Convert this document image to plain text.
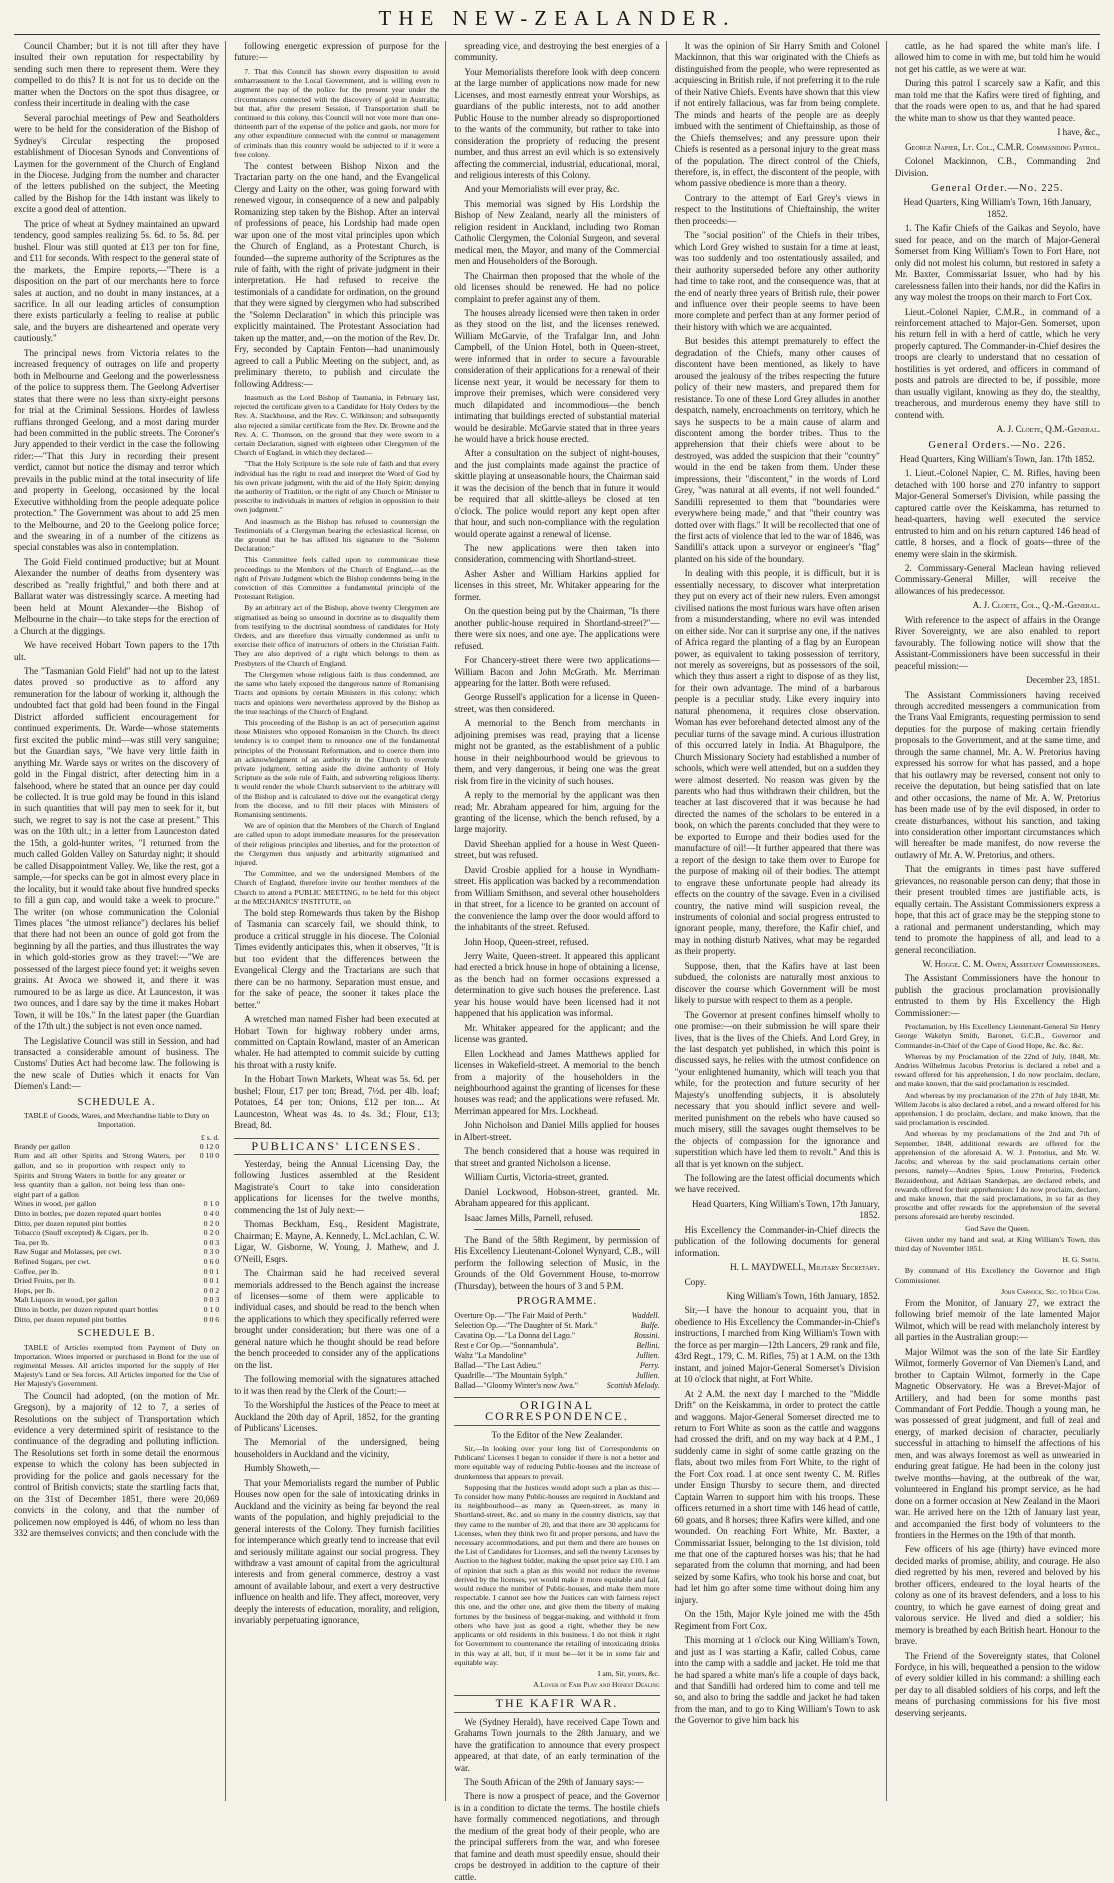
THE NEW-ZEALANDER.

Council Chamber; but it is not till after they have insulted their own reputation for respectability by sending such men there to represent them. Were they compelled to do this? It is not for us to decide on the matter when the Doctors on the spot thus disagree, or confess their incertitude in dealing with the case

Several parochial meetings of Pew and Seatholders were to be held for the consideration of the Bishop of Sydney's Circular respecting the proposed establishment of Diocesan Synods and Conventions of Laymen for the government of the Church of England in the Diocese. Judging from the number and character of the letters published on the subject, the Meeting called by the Bishop for the 14th instant was likely to excite a good deal of attention.

The price of wheat at Sydney maintained an upward tendency, good samples realizing 5s. 6d. to 5s. 8d. per bushel. Flour was still quoted at £13 per ton for fine, and £11 for seconds. With respect to the general state of the markets, the Empire reports,—"There is a disposition on the part of our merchants here to force sales at auction, and no doubt in many instances, at a sacrifice. In all our leading articles of consumption there exists particularly a feeling to realise at public sale, and the buyers are disheartened and operate very cautiously."

The principal news from Victoria relates to the increased frequency of outrages on life and property both in Melbourne and Geelong and the powerlessness of the police to suppress them. The Geelong Advertiser states that there were no less than sixty-eight persons for trial at the Criminal Sessions. Hordes of lawless ruffians thronged Geelong, and a most daring murder had been committed in the public streets. The Coroner's Jury appended to their verdict in the case the following rider:—"That this Jury in recording their present verdict, cannot but notice the dismay and terror which prevails in the public mind at the total insecurity of life and property in Geelong, occasioned by the local Executive withholding from the people adequate police protection." The Government was about to add 25 men to the Melbourne, and 20 to the Geelong police force; and the swearing in of a number of the citizens as special constables was also in contemplation.

The Gold Field continued productive; but at Mount Alexander the number of deaths from dysentery was described as "really frightful," and both there and at Ballarat water was distressingly scarce. A meeting had been held at Mount Alexander—the Bishop of Melbourne in the chair—to take steps for the erection of a Church at the diggings.

We have received Hobart Town papers to the 17th ult.

The "Tasmanian Gold Field" had not up to the latest dates proved so productive as to afford any remuneration for the labour of working it, although the undoubted fact that gold had been found in the Fingal District afforded sufficient encouragement for continued experiments. Dr. Warde—whose statements first excited the public mind—was still very sanguine; but the Guardian says, "We have very little faith in anything Mr. Warde says or writes on the discovery of gold in the Fingal district, after detecting him in a falsehood, where he stated that an ounce per day could be collected. It is true gold may be found in this island in such quantities that will pay men to seek for it, but such, we regret to say is not the case at present." This was on the 10th ult.; in a letter from Launceston dated the 15th, a gold-hunter writes, "I returned from the much called Golden Valley on Saturday night; it should be called Disappointment Valley. We, like the rest, got a sample,—for specks can be got in almost every place in the locality, but it would take about five hundred specks to fill a gun cap, and would take a week to procure." The writer (on whose communication the Colonial Times places "the utmost reliance") declares his belief that there had not been an ounce of gold got from the beginning by all the parties, and thus illustrates the way in which gold-stories grow as they travel:—"We are possessed of the largest piece found yet: it weighs seven grains. At Avoca we showed it, and there it was rumoured to be as large as dice. At Launceston, it was two ounces, and I dare say by the time it makes Hobart Town, it will be 10s." In the latest paper (the Guardian of the 17th ult.) the subject is not even once named.

The Legislative Council was still in Session, and had transacted a considerable amount of business. The Customs' Duties Act had become law. The following is the new scale of Duties which it enacts for Van Diemen's Land:—

SCHEDULE A.

TABLE of Goods, Wares, and Merchandise liable to Duty on Importation.

£ s. d.
Brandy per gallon	0 12 0
Rum and all other Spirits and Strong Waters, per gallon, and so in proportion with respect only to Spirits and Strong Waters in bottle for any greater or less quantity than a gallon, not being less than one-eight part of a gallon	0 10 0
Wines in wood, per gallon	0 1 0
Ditto in bottles, per dozen reputed quart bottles	0 4 0
Ditto, per dozen reputed pint bottles	0 2 0
Tobacco (Snuff excepted) & Cigars, per lb.	0 2 0
Tea, per lb.	0 0 3
Raw Sugar and Molasses, per cwt.	0 3 0
Refined Sugars, per cwt.	0 6 0
Coffee, per lb.	0 0 1
Dried Fruits, per lb.	0 0 1
Hops, per lb.	0 0 2
Malt Liquors in wood, per gallon	0 0 3
Ditto in bottle, per dozen reputed quart bottles	0 1 0
Ditto, per dozen reputed pint bottles	0 0 6
SCHEDULE B.

TABLE of Articles exempted from Payment of Duty on Importation. Wines imported or purchased in Bond for the use of regimental Messes. All articles imported for the supply of Her Majesty's Land or Sea forces. All Articles imported for the Use of Her Majesty's Government.

The Council had adopted, (on the motion of Mr. Gregson), by a majority of 12 to 7, a series of Resolutions on the subject of Transportation which evidence a very determined spirit of resistance to the continuance of the degrading and polluting infliction. The Resolutions set forth in some detail the enormous expense to which the colony has been subjected in providing for the police and gaols necessary for the control of British convicts; state the startling facts that, on the 31st of December 1851, there were 20,069 convicts in the colony, and that the number of policemen now employed is 446, of whom no less than 332 are themselves convicts; and then conclude with the

following energetic expression of purpose for the future:—

7. That this Council has shown every disposition to avoid embarrassment to the Local Government, and is willing even to augment the pay of the police for the present year under the circumstances connected with the discovery of gold in Australia; but that, after the present Session, if Transportation shall be continued to this colony, this Council will not vote more than one-thirteenth part of the expense of the police and gaols, nor more for any other expenditure connected with the control or management of criminals than this country would be subjected to if it were a free colony.

The contest between Bishop Nixon and the Tractarian party on the one hand, and the Evangelical Clergy and Laity on the other, was going forward with renewed vigour, in consequence of a new and palpably Romanizing step taken by the Bishop. After an interval of professions of peace, his Lordship had made open war upon one of the most vital principles upon which the Church of England, as a Protestant Church, is founded—the supreme authority of the Scriptures as the rule of faith, with the right of private judgment in their interpretation. He had refused to receive the testimonials of a candidate for ordination, on the ground that they were signed by clergymen who had subscribed the "Solemn Declaration" in which this principle was explicitly maintained. The Protestant Association had taken up the matter, and,—on the motion of the Rev. Dr. Fry, seconded by Captain Fenton—had unanimously agreed to call a Public Meeting on the subject, and, as preliminary thereto, to publish and circulate the following Address:—

Inasmuch as the Lord Bishop of Tasmania, in February last, rejected the certificate given to a Candidate for Holy Orders by the Rev. A. Stackhouse, and the Rev. C. Wilkinson; and subsequently also rejected a similar certificate from the Rev. Dr. Browne and the Rev. A. C. Thomson, on the ground that they were sworn to a certain Declaration, signed with eighteen other Clergymen of the Church of England, in which they declared—

"That the Holy Scripture is the sole rule of faith and that every individual has the right to read and interpret the Word of God by his own private judgment, with the aid of the Holy Spirit; denying the authority of Tradition, or the right of any Church or Minister to prescribe to individuals in matters of religion in opposition to their own judgment."

And inasmuch as the Bishop has refused to countersign the Testimonials of a Clergyman bearing the eclesiastical license, on the ground that he has affixed his signature to the "Solemn Declaration:"

This Committee feels called upon to communicate these proceedings to the Members of the Church of England,—as the right of Private Judgment which the Bishop condemns being in the conviction of this Committee a fundamental principle of the Protestant Religion.

By an arbitrary act of the Bishop, above twenty Clergymen are stigmatised as being so unsound in doctrine as to disqualify them from testifying to the doctrinal soundness of candidates for Holy Orders, and are therefore thus virtually condemned as unfit to exercise their office of instructors of others in the Christian Faith. They are also deprived of a right which belongs to them as Presbyters of the Church of England.

The Clergymen whose religious faith is thus condemned, are the same who lately exposed the dangerous nature of Romanising Tracts and opinions by certain Ministers in this colony; which tracts and opinions were nevertheless approved by the Bishop as the true teachings of the Church of England.

This proceeding of the Bishop is an act of persecution against those Ministers who opposed Romanism in the Church. Its direct tendency is to compel them to renounce one of the fundamental principles of the Protestant Reformation, and to coerce them into an acknowledgment of an authority in the Church to overrule private judgment, setting aside the divine authority of Holy Scripture as the sole rule of Faith, and subverting religious liberty. It would render the whole Church subservient to the arbitrary will of the Bishop and is calculated to drive out the evangelical clergy from the diocese, and to fill their places with Ministers of Romanising sentiments.

We are of opinion that the Members of the Church of England are called upon to adopt immediate measures for the preservation of their religious principles and liberties, and for the protection of the Clergymen thus unjustly and arbitrarily stigmatised and injured.

The Committee, and we the undersigned Members of the Church of England, therefore invite our brother members of the Church to attend a PUBLIC MEETING, to be held for this object at the MECHANICS' INSTITUTE, on

The bold step Romewards thus taken by the Bishop of Tasmania can scarcely fail, we should think, to produce a critical struggle in his diocese. The Colonial Times evidently anticipates this, when it observes, "It is but too evident that the differences between the Evangelical Clergy and the Tractarians are such that there can be no harmony. Separation must ensue, and for the sake of peace, the sooner it takes place the better."

A wretched man named Fisher had been executed at Hobart Town for highway robbery under arms, committed on Captain Rowland, master of an American whaler. He had attempted to commit suicide by cutting his throat with a rusty knife.

In the Hobart Town Markets, Wheat was 5s. 6d. per bushel; Flour, £17 per ton; Bread, 7½d. per 4lb. loaf; Potatoes, £4 per ton; Onions, £12 per ton.... At Launceston, Wheat was 4s. to 4s. 3d.; Flour, £13; Bread, 8d.

PUBLICANS' LICENSES.

Yesterday, being the Annual Licensing Day, the following Justices assembled at the Resident Magistrate's Court to take into consideration applications for licenses for the twelve months, commencing the 1st of July next:—

Thomas Beckham, Esq., Resident Magistrate, Chairman; E. Mayne, A. Kennedy, L. McLachlan, C. W. Ligar, W. Gisborne, W. Young, J. Mathew, and J. O'Neill, Esqrs.

The Chairman said he had received several memorials addressed to the Bench against the increase of licenses—some of them were applicable to individual cases, and should be read to the bench when the applications to which they specifically referred were brought under consideration; but there was one of a general nature which he thought should be read before the bench proceeded to consider any of the applications on the list.

The following memorial with the signatures attached to it was then read by the Clerk of the Court:—

To the Worshipful the Justices of the Peace to meet at Auckland the 20th day of April, 1852, for the granting of Publicans' Licenses.

The Memorial of the undersigned, being householders in Auckland and the vicinity,

Humbly Showeth,—

That your Memorialists regard the number of Public Houses now open for the sale of intoxicating drinks in Auckland and the vicinity as being far beyond the real wants of the population, and highly prejudicial to the general interests of the Colony. They furnish facilities for intemperance which greatly tend to increase that evil and seriously militate against our social progress. They withdraw a vast amount of capital from the agricultural interests and from general commerce, destroy a vast amount of available labour, and exert a very destructive influence on health and life. They affect, moreover, very deeply the interests of education, morality, and religion, invariably perpetuating ignorance,

spreading vice, and destroying the best energies of a community.

Your Memorialists therefore look with deep concern at the large number of applications now made for new Licenses, and most earnestly entreat your Worships, as guardians of the public interests, not to add another Public House to the number already so disproportioned to the wants of the community, but rather to take into consideration the propriety of reducing the present number, and thus arrest an evil which is so extensively affecting the commercial, industrial, educational, moral, and religious interests of this Colony.

And your Memorialists will ever pray, &c.

This memorial was signed by His Lordship the Bishop of New Zealand, nearly all the ministers of religion resident in Auckland, including two Roman Catholic Clergymen, the Colonial Surgeon, and several medical men, the Mayor, and many of the Commercial men and Householders of the Borough.

The Chairman then proposed that the whole of the old licenses should be renewed. He had no police complaint to prefer against any of them.

The houses already licensed were then taken in order as they stood on the list, and the licenses renewed. William McGarvie, of the Trafalgar Inn, and John Campbell, of the Union Hotel, both in Queen-street, were informed that in order to secure a favourable consideration of their applications for a renewal of their license next year, it would be necessary for them to improve their premises, which were considered very much dilapidated and incommodious—the bench intimating that buildings erected of substantial material would be desirable. McGarvie stated that in three years he would have a brick house erected.

After a consultation on the subject of night-houses, and the just complaints made against the practice of skittle playing at unseasonable hours, the Chairman said it was the decision of the bench that in future it would be required that all skittle-alleys be closed at ten o'clock. The police would report any kept open after that hour, and such non-compliance with the regulation would operate against a renewal of license.

The new applications were then taken into consideration, commencing with Shortland-street.

Asher Asher and William Harkins applied for licenses in this street, Mr. Whitaker appearing for the former.

On the question being put by the Chairman, "Is there another public-house required in Shortland-street?"—there were six noes, and one aye. The applications were refused.

For Chancery-street there were two applications—William Bacon and John McGrath. Mr. Merriman appearing for the latter. Both were refused.

George Russell's application for a license in Queen-street, was then considered.

A memorial to the Bench from merchants in adjoining premises was read, praying that a license might not be granted, as the establishment of a public house in their neighbourhood would be grievous to them, and very dangerous, it being one was the great risk from fire in the vicinity of such houses.

A reply to the memorial by the applicant was then read; Mr. Abraham appeared for him, arguing for the granting of the license, which the bench refused, by a large majority.

David Sheehan applied for a house in West Queen-street, but was refused.

David Crosbie applied for a house in Wyndham-street. His application was backed by a recommendation from William Smithson, and several other householders in that street, for a licence to be granted on account of the convenience the lamp over the door would afford to the inhabitants of the street. Refused.

John Hoop, Queen-street, refused.

Jerry Waite, Queen-street. It appeared this applicant had erected a brick house in hope of obtaining a license, as the bench had on former occasions expressed a determination to give such houses the preference. Last year his house would have been licensed had it not happened that his application was informal.

Mr. Whitaker appeared for the applicant; and the license was granted.

Ellen Lockhead and James Matthews applied for licenses in Wakefield-street. A memorial to the bench from a majority of the householders in the neighbourhood against the granting of licenses for these houses was read; and the applications were refused. Mr. Merriman appeared for Mrs. Lockhead.

John Nicholson and Daniel Mills applied for houses in Albert-street.

The bench considered that a house was required in that street and granted Nicholson a license.

William Curtis, Victoria-street, granted.

Daniel Lockwood, Hobson-street, granted. Mr. Abraham appeared for this applicant.

Isaac James Mills, Parnell, refused.

The Band of the 58th Regiment, by permission of His Excellency Lieutenant-Colonel Wynyard, C.B., will perform the following selection of Music, in the Grounds of the Old Government House, to-morrow (Thursday), between the hours of 3 and 5 P.M.

PROGRAMME.
Overture Op.—"The Fair Maid of Perth."	Waddell.
Selection Op.—"The Daughter of St. Mark."	Balfe.
Cavatina Op.—"La Donna del Lago."	Rossini.
Rest e Cor Op.—"Sonnambula".	Bellini.
Waltz "La Mandoline"	Jullien.
Ballad—"The Last Adieu."	Perry.
Quadrille—"The Mountain Sylph."	Jullien.
Ballad—"Gloomy Winter's now Awa."	Scottish Melody.
ORIGINAL CORRESPONDENCE.

To the Editor of the New Zealander.

Sir,—In looking over your long list of Correspondents on Publicans' Licenses I began to consider if there is not a better and more equitable way of reducing Public-houses and the increase of drunkenness that appears to prevail.

Supposing that the Justices would adopt such a plan as this:—To consider how many Public-houses are required in Auckland and its neighbourhood—as many as Queen-street, as many in Shortland-street, &c. and so many in the country districts, say that they came to the number of 20, and that there are 30 applicants for Licenses, when they think two fit and proper persons, and have the necessary accommodations, and put them and there are houses on the List of Candidates for Licenses, and sell the twenty Licenses by Auction to the highest bidder, making the upset price say £10. I am of opinion that such a plan as this would not reduce the revenue derived by the licenses, yet would make it more equitable and fair, would reduce the number of Public-houses, and make them more respectable. I cannot see how the Justices can with fairness reject this one, and the other one, and give them the liberty of making fortunes by the business of beggar-making, and withhold it from others who have just as good a right, whether they be new applicants or old residents in this business. I do not think it right for Government to countenance the retailing of intoxicating drinks in this way at all, but, if it must be—let it be in some fair and equitable way.

I am, Sir, yours, &c.

A Lover of Fair Play and Honest Dealing

THE KAFIR WAR.

We (Sydney Herald), have received Cape Town and Grahams Town journals to the 28th January, and we have the gratification to announce that every prospect appeared, at that date, of an early termination of the war.

The South African of the 29th of January says:—

There is now a prospect of peace, and the Governor is in a condition to dictate the terms. The hostile chiefs have formally commenced negotiations, and through the medium of the great body of their people, who are the principal sufferers from the war, and who foresee that famine and death must speedily ensue, should their crops be destroyed in addition to the capture of their cattle.

It was the opinion of Sir Harry Smith and Colonel Mackinnon, that this war originated with the Chiefs as distinguished from the people, who were represented as acquiescing in British rule, if not preferring it to the rule of their Native Chiefs. Events have shown that this view if not entirely fallacious, was far from being complete. The minds and hearts of the people are as deeply imbued with the sentiment of Chieftainship, as those of the Chiefs themselves; and any pressure upon their Chiefs is resented as a personal injury to the great mass of the population. The direct control of the Chiefs, therefore, is, in effect, the discontent of the people, with whom passive obedience is more than a theory.

Contrary to the attempt of Earl Grey's views in respect to the Institutions of Chieftainship, the writer then proceeds:—

The "social position" of the Chiefs in their tribes, which Lord Grey wished to sustain for a time at least, was too suddenly and too ostentatiously assailed, and their authority superseded before any other authority had time to take root, and the consequence was, that at the end of nearly three years of British rule, their power and influence over their people seems to have been more complete and perfect than at any former period of their history with which we are acquainted.

But besides this attempt prematurely to effect the degradation of the Chiefs, many other causes of discontent have been mentioned, as likely to have aroused the jealousy of the tribes respecting the future policy of their new masters, and prepared them for resistance. To one of these Lord Grey alludes in another despatch, namely, encroachments on territory, which he says he suspects to be a main cause of alarm and discontent among the border tribes. Thus to the apprehension that their chiefs were about to be destroyed, was added the suspicion that their "country" would in the end be taken from them. Under these impressions, their "discontent," in the words of Lord Grey, "was natural at all events, if not well founded." Sandilli represented to them that "boundaries were everywhere being made," and that "their country was dotted over with flags." It will be recollected that one of the first acts of violence that led to the war of 1846, was Sandilli's attack upon a surveyor or engineer's "flag" planted on his side of the boundary.

In dealing with this people, it is difficult, but it is essentially necessary, to discover what interpretation they put on every act of their new rulers. Even amongst civilised nations the most furious wars have often arisen from a misunderstanding, where no evil was intended on either side. Nor can it surprise any one, if the natives of Africa regard the planting of a flag by an European power, as equivalent to taking possession of territory, not merely as sovereigns, but as possessors of the soil, which they thus assert a right to dispose of as they list, for their own advantage. The mind of a barbarous people is a peculiar study. Like every inquiry into natural phenomena, it requires close observation. Woman has ever beforehand detected almost any of the peculiar turns of the savage mind. A curious illustration of this occurred lately in India. At Bhagulpore, the Church Missionary Society had established a number of schools, which were well attended, but on a sudden they were almost deserted. No reason was given by the parents who had thus withdrawn their children, but the teacher at last discovered that it was because he had directed the names of the scholars to be entered in a book, on which the parents concluded that they were to be exported to Europe and their bodies used for the manufacture of oil!—It further appeared that there was a report of the design to take them over to Europe for the purpose of making oil of their bodies. The attempt to engrave these unfortunate people had already its effects on the country of the savage. Even in a civilised country, the native mind will suspicion reveal, the instruments of colonial and social progress entrusted to ignorant people, many, therefore, the Kafir chief, and may in nothing disturb Natives, what may be regarded as their property.

Suppose, then, that the Kafirs have at last been subdued, the colonists are naturally most anxious to discover the course which Government will be most likely to pursue with respect to them as a people.

The Governor at present confines himself wholly to one promise:—on their submission he will spare their lives, that is the lives of the Chiefs. And Lord Grey, in the last despatch yet published, in which this point is discussed says, he relies with the utmost confidence on "your enlightened humanity, which will teach you that while, for the protection and future security of her Majesty's unoffending subjects, it is absolutely necessary that you should inflict severe and well-merited punishment on the rebels who have caused so much misery, still the savages ought themselves to be the objects of compassion for the ignorance and superstition which have led them to revolt." And this is all that is yet known on the subject.

The following are the latest official documents which we have received.

Head Quarters, King William's Town, 17th January, 1852.

His Excellency the Commander-in-Chief directs the publication of the following documents for general information.

H. L. MAYDWELL, Military Secretary.

Copy.

King William's Town, 16th January, 1852.

Sir,—I have the honour to acquaint you, that in obedience to His Excellency the Commander-in-Chief's instructions, I marched from King William's Town with the force as per margin—12th Lancers, 29 rank and file, 43rd Regt., 179, C. M. Rifles, 75) at 1 A.M. on the 13th instant, and joined Major-General Somerset's Division at 10 o'clock that night, at Fort White.

At 2 A.M. the next day I marched to the "Middle Drift" on the Keiskamma, in order to protect the cattle and waggons. Major-General Somerset directed me to return to Fort White as soon as the cattle and waggons had crossed the drift, and on my way back at 4 P.M., I suddenly came in sight of some cattle grazing on the flats, about two miles from Fort White, to the right of the Fort Cox road. I at once sent twenty C. M. Rifles under Ensign Thursby to secure them, and directed Captain Warren to support him with his troops. These officers returned in a short time with 146 head of cattle, 60 goats, and 8 horses; three Kafirs were killed, and one wounded. On reaching Fort White, Mr. Baxter, a Commissariat Issuer, belonging to the 1st division, told me that one of the captured horses was his; that he had separated from the column that morning, and had been seized by some Kafirs, who took his horse and coat, but had let him go after some time without doing him any injury.

On the 15th, Major Kyle joined me with the 45th Regiment from Fort Cox.

This morning at 1 o'clock our King William's Town, and just as I was starting a Kafir, called Cobus, came into the camp with a saddle and jacket. He told me that he had spared a white man's life a couple of days back, and that Sandilli had ordered him to come and tell me so, and also to bring the saddle and jacket he had taken from the man, and to go to King William's Town to ask the Governor to give him back his

cattle, as he had spared the white man's life. I allowed him to come in with me, but told him he would not get his cattle, as we were at war.

During this patrol I scarcely saw a Kafir, and this man told me that the Kafirs were tired of fighting, and that the roads were open to us, and that he had spared the white man to show us that they wanted peace.

I have, &c.,

George Napier, Lt. Col., C.M.R. Commanding Patrol.

Colonel Mackinnon, C.B., Commanding 2nd Division.

General Order.—No. 225.

Head Quarters, King William's Town, 16th January, 1852.

1. The Kafir Chiefs of the Gaikas and Seyolo, have sued for peace, and on the march of Major-General Somerset from King William's Town to Fort Hare, not only did not molest his column, but restored in safety a Mr. Baxter, Commissariat Issuer, who had by his carelessness fallen into their hands, nor did the Kafirs in any way molest the troops on their march to Fort Cox.

Lieut.-Colonel Napier, C.M.R., in command of a reinforcement attached to Major-Gen. Somerset, upon his return fell in with a herd of cattle, which he very properly captured. The Commander-in-Chief desires the troops are clearly to understand that no cessation of hostilities is yet ordered, and officers in command of posts and patrols are directed to be, if possible, more than usually vigilant, knowing as they do, the stealthy, treacherous, and murderous enemy they have still to contend with.

A. J. Cloete, Q.M.-General.

General Orders.—No. 226.

Head Quarters, King William's Town, Jan. 17th 1852.

1. Lieut.-Colonel Napier, C. M. Rifles, having been detached with 100 horse and 270 infantry to support Major-General Somerset's Division, while passing the captured cattle over the Keiskamma, has returned to head-quarters, having well executed the service entrusted to him and on his return captured 146 head of cattle, 8 horses, and a flock of goats—three of the enemy were slain in the skirmish.

2. Commissary-General Maclean having relieved Commissary-General Miller, will receive the allowances of his predecessor.

A. J. Cloete, Col., Q.-M.-General.

With reference to the aspect of affairs in the Orange River Sovereignty, we are also enabled to report favourably. The following notice will show that the Assistant-Commissioners have been successful in their peaceful mission:—

December 23, 1851.

The Assistant Commissioners having received through accredited messengers a communication from the Trans Vaal Emigrants, requesting permission to send deputies for the purpose of making certain friendly proposals to the Government, and at the same time, and through the same channel, Mr. A. W. Pretorius having expressed his sorrow for what has passed, and a hope that his outlawry may be reversed, consent not only to receive the deputation, but being satisfied that on late and other occasions, the name of Mr. A. W. Pretorius has been made use of by the evil disposed, in order to create disturbances, without his sanction, and taking into consideration other important circumstances which will hereafter be made manifest, do now reverse the outlawry of Mr. A. W. Pretorius, and others.

That the emigrants in times past have suffered grievances, no reasonable person can deny; that those in their present troubled times are justifiable acts, is equally certain. The Assistant Commissioners express a hope, that this act of grace may be the stepping stone to a rational and permanent understanding, which may tend to promote the happiness of all, and lead to a general reconciliation.

W. Hogge. C. M. Owen, Assistant Commissioners.

The Assistant Commissioners have the honour to publish the gracious proclamation provisionally entrusted to them by His Excellency the High Commissioner:—

Proclamation, by His Excellency Lieutenant-General Sir Henry George Wakelyn Smith, Baronet, G.C.B., Governor and Commander-in-Chief of the Cape of Good Hope, &c. &c. &c.

Whereas by my Proclamation of the 22nd of July, 1848, Mr. Andries Wilhelmus Jacobus Pretorius is declared a rebel and a reward offered for his apprehension, I do now proclaim, declare, and make known, that the said proclamation is rescinded.

And whereas by my proclamation of the 27th of July 1848, Mr. Willem Jacobs is also declared a rebel, and a reward offered for his apprehension, I do proclaim, declare, and make known, that the said proclamation is rescinded.

And whereas by my proclamations of the 2nd and 7th of September, 1848, additional rewards are offered for the apprehension of the aforesaid A. W. J. Pretorius, and Mr. W. Jacobs; and whereas by the said proclamations certain other persons, namely—Andries Spies, Louw Pretorius, Frederick Bezuidenhout, and Adriaan Standerpas, are declared rebels, and rewards offered for their apprehension: I do now proclaim, declare, and make known, that the said proclamations, in so far as they proscribe and offer rewards for the apprehension of the several persons aforesaid are hereby rescinded.

God Save the Queen.

Given under my hand and seal, at King William's Town, this third day of November 1851.

H. G. Smith.

By command of His Excellency the Governor and High Commissioner.

John Carwick, Sec. to High Com.

From the Monitor, of January 27, we extract the following brief memoir of the late lamented Major Wilmot, which will be read with melancholy interest by all parties in the Australian group:—

Major Wilmot was the son of the late Sir Eardley Wilmot, formerly Governor of Van Diemen's Land, and brother to Captain Wilmot, formerly in the Cape Magnetic Observatory. He was a Brevet-Major of Artillery, and had been for some months past Commandant of Fort Peddie. Though a young man, he was possessed of great judgment, and full of zeal and energy, of marked decision of character, peculiarly successful in attaching to himself the affections of his men, and was always foremost as well as unwearied in enduring great fatigue. He had been in the colony just twelve months—having, at the outbreak of the war, volunteered in England his prompt service, as he had done on a former occasion at New Zealand in the Maori war. He arrived here on the 12th of January last year, and accompanied the first body of volunteers to the frontiers in the Hermes on the 19th of that month.

Few officers of his age (thirty) have evinced more decided marks of promise, ability, and courage. He also died regretted by his men, revered and beloved by his brother officers, endeared to the loyal hearts of the colony as one of its bravest defenders, and a loss to his country, to which he gave earnest of doing great and valorous service. He lived and died a soldier; his memory is breathed by each British heart. Honour to the brave.

The Friend of the Sovereignty states, that Colonel Fordyce, in his will, bequeathed a pension to the widow of every soldier killed in his command: a shilling each per day to all disabled soldiers of his corps, and left the means of purchasing commissions for his five most deserving serjeants.
